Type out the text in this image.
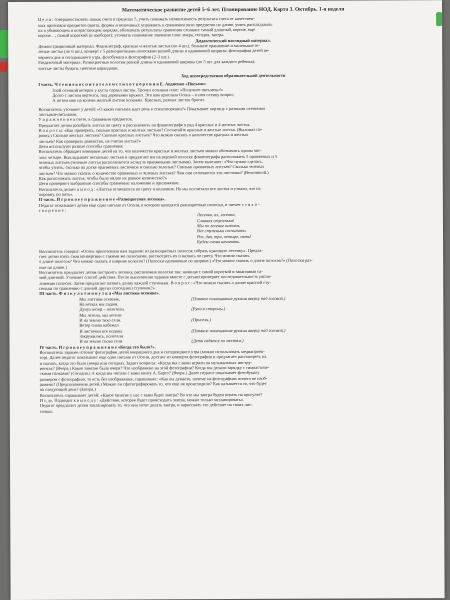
Математическое развитие детей 5–6 лет. Планирование НОД. Карта 3. Октябрь. 1-я неделя
Ц е л и : совершенствовать навык счета в пределах 5, учить понимать независимость результата счета от качествен-
ных признаков предметов (цвета, формы и величины); упражнять в сравнении пяти предметов по длине, учить раскладывать
их в убывающем и возрастающем порядке, обозначать результаты сравнения словами: самый длинный, короче, еще
короче…, самый короткий (и наоборот); уточнять понимание значения слов: вчера, сегодня, завтра.
Дидактический наглядный материал.
Демонстрационный материал. Фланелеграф, красные и желтые листья (по 4 шт.), большие оранжевые и маленькие зе-
леные листья (по 6 шт.), конверт с 5 разноцветными полосками разной длины и одинаковой ширины, фотографии детей ве-
чернего дня и сегодняшнего утра, фотобумага к фотографии (2–3 шт.).
Раздаточный материал. Разноцветные полоски разной длины и одинаковой ширины (по 5 шт. для каждого ребенка);
чистые листы бумаги, цветные карандаши.
Ход непосредственно образовательной деятельности
I часть. Ч т е н и е в о с п и т а т е л е м с т и х о т в о р е н и я Е. Авдиенко «Письмо»:
Злой осенний ветерок у куста сорвал листок. Тронул осенним пляс: «Получите письмецо!»
Долго с листом вертелся, под деревьями кружил. Это вам прислала Осень – в нем осенку вопрос,
А потом мне на колени желтый листик положил. Красных, разных листов бросят.
Воспитатель уточняет у детей: «О каких письмах идет речь в стихотворении?» Показывает корзину с разными осенними
листьями-письмами.
У п р а ж н е н и е в счете, в сравнении предметов.
Предлагает детям разобрать листья по цвету и расположить на фланелеграфе в ряд 4 красных и 4 желтых листья.
В о п р о с ы: «Как проверить, сколько красных и желтых листьев? Сосчитайте красные и желтые листья. (Выложат по-
ровну.) Сколько желтых листьев? Сколько красных листьев? Что можно сказать о количестве красных и желтых
листьев? Как проверить равенство, не считая листья?»
Дети используют разные способы сравнения.
Воспитатель обращает внимание детей на то, что количество красных и желтых листьев можно обозначить одним чис-
лом: четыре. Выкладывает несколько листьев и предлагает им на верхней полоске фланелеграфа расположить 5 оранжевых и 5
зеленых листьев (зеленые листья располагаются вслед за оранжевыми листьями). Затем выясняет: «Что нужно сделать,
чтобы узнать, сколько на доске оранжевых листочков и сколько зеленых? Сколько оранжевых листьев? Сколько зеленых
листьев? Что можно сказать о количестве оранжевых и зеленых листьев? Чем они отличаются эти листочки? (Величиной.)
Как расположить листья, чтобы было видно их равное количество?»
Дети проверяют выбранные способы сравнения: наложение и приложение.
Воспитатель делает в ы в о д : «Листья отличаются по цвету и величине. Но мы посчитали все листья и узнали, что их
поровну, по пять».
II часть. И г р о в о е у п р а ж н е н и е «Разноцветная лесенка».
Педагог показывает детям еще одно письмо от Осени, в котором находятся разноцветные полоски, и читает с т и х о -
т в о р е н и е :
Лесенка, ах, лесенка,
Славная ступенька!
Мы по лесенке шагаем,
Все ступеньки сосчитаем.
Раз, два, три, четыре, пять!
Будем снова начинать.
Воспитатель говорит: «Осень приготовила нам задание: из разноцветных полосок собрать красивую лесенку». Предла-
гает детям взять свои конвертики с такими же полосками, рассмотреть их и назвать по цвету. Что можно сказать
о длине полосок? Что можно сказать о ширине полосок? (Полоски одинаковые по ширине.) «Что можно сказать о длине полосок?» (Полоски раз-
ные по длине.)
Воспитатель предлагает детям построить лесенку, расположив полоски так: начиная с самой короткой и заканчивая са-
мой длинной. Уточняет способ действия. После выполнения задания вместе с детьми проверяет последовательность распо-
ложения полосок. Затем предлагает назвать длину каждой ступеньки. В о п р о с : «Что можно сказать о длине красной сту-
пеньки по сравнению с длиной других (соседних) ступенек?».
III часть. Ф и з к у л ь т м и н у т к а «Мы листики осенние».
Мы листики осенние,	(Плавное покачивание руками вверху над головой.)
На ветках мы сидим.
Дунул ветер – полетели.	(Руки в стороны.)
Мы летели, мы летели
И на землю тихо сели.	(Присели.)
Ветер снова набежал
И листочки все поднял.	(Плавное покачивание руками вверху над головой.)
Закружились, полетели
И на землю снова сели.	(Дети садятся по местам.)
IV часть. И г р о в о е у п р а ж н е н и е «Когда это было?».
Воспитатель заранее готовит фотографии детей вчерашнего дня и сегодняшнего утра (можно использовать медиапроек-
тор). Далее педагог показывает еще одно письмо от Осени, достает из конверта фотографии и предлагает рассмотреть их
и сказать, когда это было (вчера или сегодня). Задает вопросы: «Когда мы с вами играли на музыкальных инстру-
ментах? (Вчера.) Какое занятие было вчера? Что изображено на этой фотографии? Когда мы делали зарядку с гимнастиче-
скими палками? (Сегодня.) А когда мы читали с вами книгу А. Барто? (Вчера.) Далее педагог показывает фотобумагу
размером с фотографию, то есть без изображения, спрашивает: «Как вы думаете, почему на фотографиях ничего не изоб-
ражено? (Предположения детей.) Можно ли сфотографировать то, что еще не происходило? Как называется то, что будет
на следующий день? (Завтра.)
Воспитатель спрашивает детей: «Какое занятие у нас с вами будет завтра? Во что мы завтра будем играть на прогулке?
И т. д». Подводит к в ы в о д у : «Действие, которое будет происходить завтра, можно только запланировать».
Педагог предлагает детям запланировать то, что они хотят делать завтра, и нарисовать это действие на своих лис-
точках.
